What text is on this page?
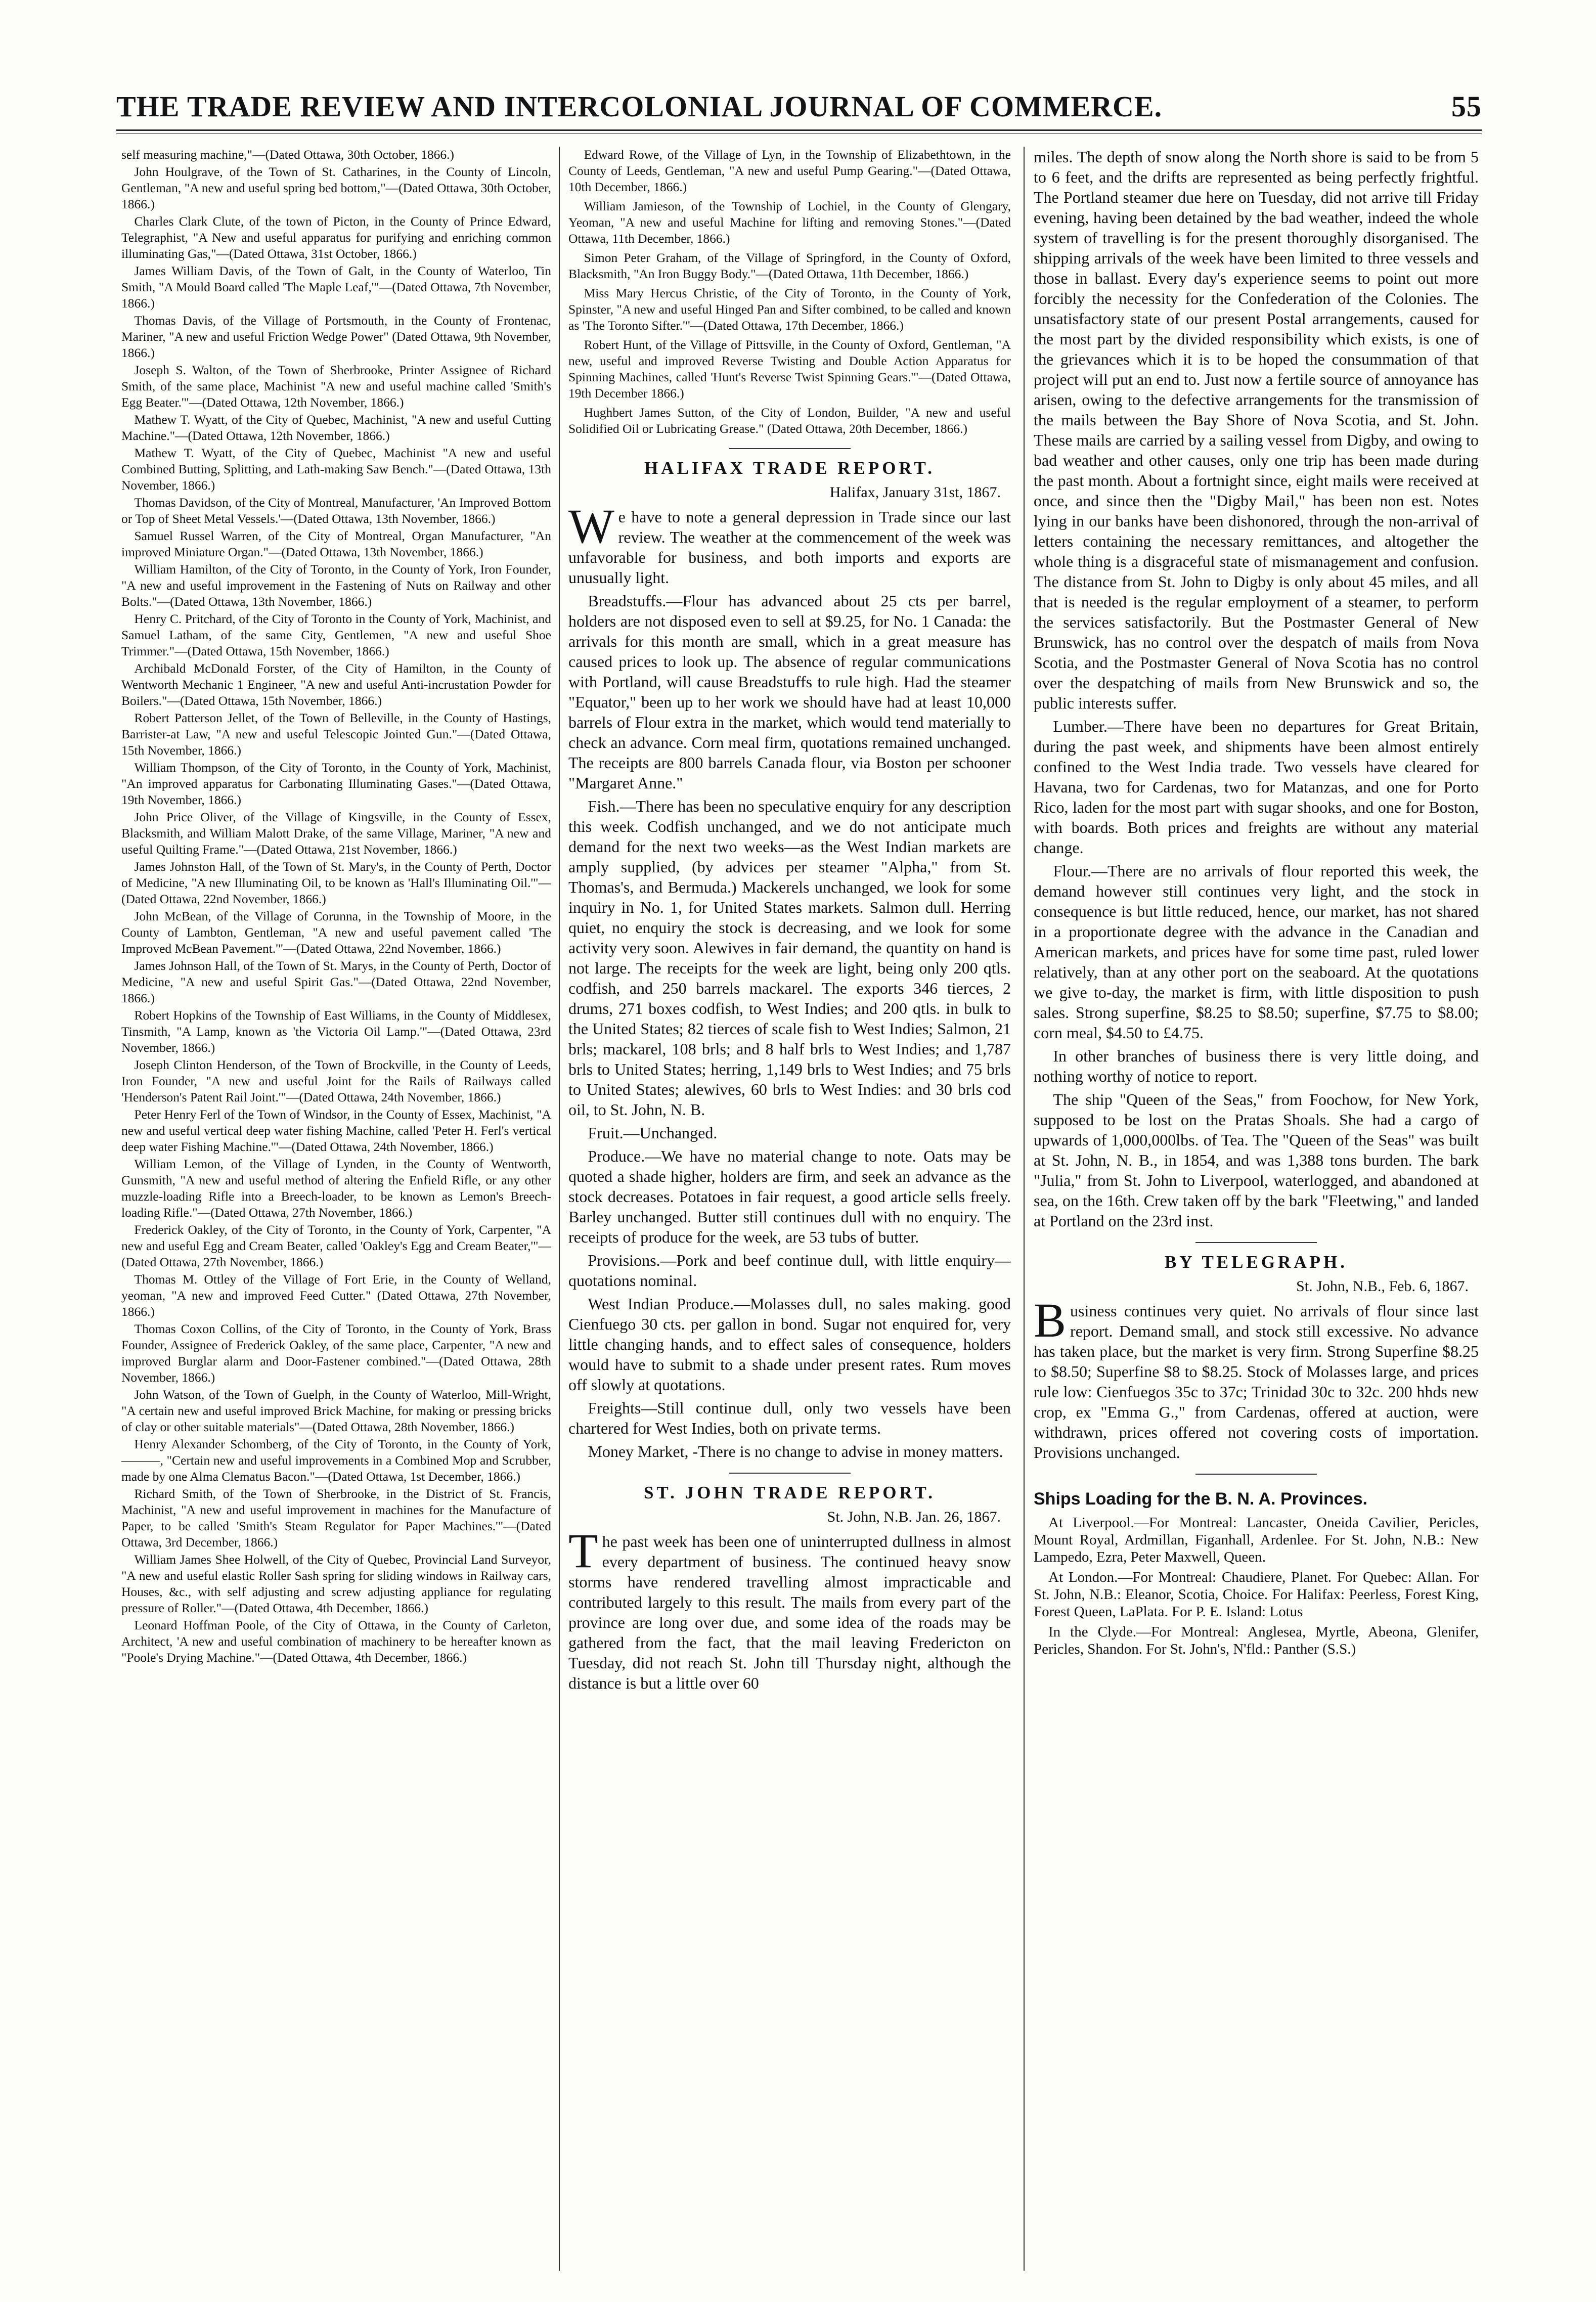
THE TRADE REVIEW AND INTERCOLONIAL JOURNAL OF COMMERCE.	55

self measuring machine,"—(Dated Ottawa, 30th October, 1866.)

John Houlgrave, of the Town of St. Catharines, in the County of Lincoln, Gentleman, "A new and useful spring bed bottom,"—(Dated Ottawa, 30th October, 1866.)

Charles Clark Clute, of the town of Picton, in the County of Prince Edward, Telegraphist, "A New and useful apparatus for purifying and enriching common illuminating Gas,"—(Dated Ottawa, 31st October, 1866.)

James William Davis, of the Town of Galt, in the County of Waterloo, Tin Smith, "A Mould Board called 'The Maple Leaf,'"—(Dated Ottawa, 7th November, 1866.)

Thomas Davis, of the Village of Portsmouth, in the County of Frontenac, Mariner, "A new and useful Friction Wedge Power" (Dated Ottawa, 9th November, 1866.)

Joseph S. Walton, of the Town of Sherbrooke, Printer Assignee of Richard Smith, of the same place, Machinist "A new and useful machine called 'Smith's Egg Beater.'"—(Dated Ottawa, 12th November, 1866.)

Mathew T. Wyatt, of the City of Quebec, Machinist, "A new and useful Cutting Machine."—(Dated Ottawa, 12th November, 1866.)

Mathew T. Wyatt, of the City of Quebec, Machinist "A new and useful Combined Butting, Splitting, and Lath-making Saw Bench."—(Dated Ottawa, 13th November, 1866.)

Thomas Davidson, of the City of Montreal, Manufacturer, 'An Improved Bottom or Top of Sheet Metal Vessels.'—(Dated Ottawa, 13th November, 1866.)

Samuel Russel Warren, of the City of Montreal, Organ Manufacturer, "An improved Miniature Organ."—(Dated Ottawa, 13th November, 1866.)

William Hamilton, of the City of Toronto, in the County of York, Iron Founder, "A new and useful improvement in the Fastening of Nuts on Railway and other Bolts."—(Dated Ottawa, 13th November, 1866.)

Henry C. Pritchard, of the City of Toronto in the County of York, Machinist, and Samuel Latham, of the same City, Gentlemen, "A new and useful Shoe Trimmer."—(Dated Ottawa, 15th November, 1866.)

Archibald McDonald Forster, of the City of Hamilton, in the County of Wentworth Mechanic 1 Engineer, "A new and useful Anti-incrustation Powder for Boilers."—(Dated Ottawa, 15th November, 1866.)

Robert Patterson Jellet, of the Town of Belleville, in the County of Hastings, Barrister-at Law, "A new and useful Telescopic Jointed Gun."—(Dated Ottawa, 15th November, 1866.)

William Thompson, of the City of Toronto, in the County of York, Machinist, "An improved apparatus for Carbonating Illuminating Gases."—(Dated Ottawa, 19th November, 1866.)

John Price Oliver, of the Village of Kingsville, in the County of Essex, Blacksmith, and William Malott Drake, of the same Village, Mariner, "A new and useful Quilting Frame."—(Dated Ottawa, 21st November, 1866.)

James Johnston Hall, of the Town of St. Mary's, in the County of Perth, Doctor of Medicine, "A new Illuminating Oil, to be known as 'Hall's Illuminating Oil.'"—(Dated Ottawa, 22nd November, 1866.)

John McBean, of the Village of Corunna, in the Township of Moore, in the County of Lambton, Gentleman, "A new and useful pavement called 'The Improved McBean Pavement.'"—(Dated Ottawa, 22nd November, 1866.)

James Johnson Hall, of the Town of St. Marys, in the County of Perth, Doctor of Medicine, "A new and useful Spirit Gas."—(Dated Ottawa, 22nd November, 1866.)

Robert Hopkins of the Township of East Williams, in the County of Middlesex, Tinsmith, "A Lamp, known as 'the Victoria Oil Lamp.'"—(Dated Ottawa, 23rd November, 1866.)

Joseph Clinton Henderson, of the Town of Brockville, in the County of Leeds, Iron Founder, "A new and useful Joint for the Rails of Railways called 'Henderson's Patent Rail Joint.'"—(Dated Ottawa, 24th November, 1866.)

Peter Henry Ferl of the Town of Windsor, in the County of Essex, Machinist, "A new and useful vertical deep water fishing Machine, called 'Peter H. Ferl's vertical deep water Fishing Machine.'"—(Dated Ottawa, 24th November, 1866.)

William Lemon, of the Village of Lynden, in the County of Wentworth, Gunsmith, "A new and useful method of altering the Enfield Rifle, or any other muzzle-loading Rifle into a Breech-loader, to be known as Lemon's Breech-loading Rifle."—(Dated Ottawa, 27th November, 1866.)

Frederick Oakley, of the City of Toronto, in the County of York, Carpenter, "A new and useful Egg and Cream Beater, called 'Oakley's Egg and Cream Beater,'"—(Dated Ottawa, 27th November, 1866.)

Thomas M. Ottley of the Village of Fort Erie, in the County of Welland, yeoman, "A new and improved Feed Cutter." (Dated Ottawa, 27th November, 1866.)

Thomas Coxon Collins, of the City of Toronto, in the County of York, Brass Founder, Assignee of Frederick Oakley, of the same place, Carpenter, "A new and improved Burglar alarm and Door-Fastener combined."—(Dated Ottawa, 28th November, 1866.)

John Watson, of the Town of Guelph, in the County of Waterloo, Mill-Wright, "A certain new and useful improved Brick Machine, for making or pressing bricks of clay or other suitable materials"—(Dated Ottawa, 28th November, 1866.)

Henry Alexander Schomberg, of the City of Toronto, in the County of York, ———, "Certain new and useful improvements in a Combined Mop and Scrubber, made by one Alma Clematus Bacon."—(Dated Ottawa, 1st December, 1866.)

Richard Smith, of the Town of Sherbrooke, in the District of St. Francis, Machinist, "A new and useful improvement in machines for the Manufacture of Paper, to be called 'Smith's Steam Regulator for Paper Machines.'"—(Dated Ottawa, 3rd December, 1866.)

William James Shee Holwell, of the City of Quebec, Provincial Land Surveyor, "A new and useful elastic Roller Sash spring for sliding windows in Railway cars, Houses, &c., with self adjusting and screw adjusting appliance for regulating pressure of Roller."—(Dated Ottawa, 4th December, 1866.)

Leonard Hoffman Poole, of the City of Ottawa, in the County of Carleton, Architect, 'A new and useful combination of machinery to be hereafter known as "Poole's Drying Machine."—(Dated Ottawa, 4th December, 1866.)

Edward Rowe, of the Village of Lyn, in the Township of Elizabethtown, in the County of Leeds, Gentleman, "A new and useful Pump Gearing."—(Dated Ottawa, 10th December, 1866.)

William Jamieson, of the Township of Lochiel, in the County of Glengary, Yeoman, "A new and useful Machine for lifting and removing Stones."—(Dated Ottawa, 11th December, 1866.)

Simon Peter Graham, of the Village of Springford, in the County of Oxford, Blacksmith, "An Iron Buggy Body."—(Dated Ottawa, 11th December, 1866.)

Miss Mary Hercus Christie, of the City of Toronto, in the County of York, Spinster, "A new and useful Hinged Pan and Sifter combined, to be called and known as 'The Toronto Sifter.'"—(Dated Ottawa, 17th December, 1866.)

Robert Hunt, of the Village of Pittsville, in the County of Oxford, Gentleman, "A new, useful and improved Reverse Twisting and Double Action Apparatus for Spinning Machines, called 'Hunt's Reverse Twist Spinning Gears.'"—(Dated Ottawa, 19th December 1866.)

Hughbert James Sutton, of the City of London, Builder, "A new and useful Solidified Oil or Lubricating Grease." (Dated Ottawa, 20th December, 1866.)

HALIFAX TRADE REPORT.
Halifax, January 31st, 1867.

We have to note a general depression in Trade since our last review. The weather at the commencement of the week was unfavorable for business, and both imports and exports are unusually light.

Breadstuffs.—Flour has advanced about 25 cts per barrel, holders are not disposed even to sell at $9.25, for No. 1 Canada: the arrivals for this month are small, which in a great measure has caused prices to look up. The absence of regular communications with Portland, will cause Breadstuffs to rule high. Had the steamer "Equator," been up to her work we should have had at least 10,000 barrels of Flour extra in the market, which would tend materially to check an advance. Corn meal firm, quotations remained unchanged. The receipts are 800 barrels Canada flour, via Boston per schooner "Margaret Anne."

Fish.—There has been no speculative enquiry for any description this week. Codfish unchanged, and we do not anticipate much demand for the next two weeks—as the West Indian markets are amply supplied, (by advices per steamer "Alpha," from St. Thomas's, and Bermuda.) Mackerels unchanged, we look for some inquiry in No. 1, for United States markets. Salmon dull. Herring quiet, no enquiry the stock is decreasing, and we look for some activity very soon. Alewives in fair demand, the quantity on hand is not large. The receipts for the week are light, being only 200 qtls. codfish, and 250 barrels mackarel. The exports 346 tierces, 2 drums, 271 boxes codfish, to West Indies; and 200 qtls. in bulk to the United States; 82 tierces of scale fish to West Indies; Salmon, 21 brls; mackarel, 108 brls; and 8 half brls to West Indies; and 1,787 brls to United States; herring, 1,149 brls to West Indies; and 75 brls to United States; alewives, 60 brls to West Indies: and 30 brls cod oil, to St. John, N. B.

Fruit.—Unchanged.

Produce.—We have no material change to note. Oats may be quoted a shade higher, holders are firm, and seek an advance as the stock decreases. Potatoes in fair request, a good article sells freely. Barley unchanged. Butter still continues dull with no enquiry. The receipts of produce for the week, are 53 tubs of butter.

Provisions.—Pork and beef continue dull, with little enquiry—quotations nominal.

West Indian Produce.—Molasses dull, no sales making. good Cienfuego 30 cts. per gallon in bond. Sugar not enquired for, very little changing hands, and to effect sales of consequence, holders would have to submit to a shade under present rates. Rum moves off slowly at quotations.

Freights—Still continue dull, only two vessels have been chartered for West Indies, both on private terms.

Money Market, -There is no change to advise in money matters.

ST. JOHN TRADE REPORT.
St. John, N.B. Jan. 26, 1867.

The past week has been one of uninterrupted dullness in almost every department of business. The continued heavy snow storms have rendered travelling almost impracticable and contributed largely to this result. The mails from every part of the province are long over due, and some idea of the roads may be gathered from the fact, that the mail leaving Fredericton on Tuesday, did not reach St. John till Thursday night, although the distance is but a little over 60

miles. The depth of snow along the North shore is said to be from 5 to 6 feet, and the drifts are represented as being perfectly frightful. The Portland steamer due here on Tuesday, did not arrive till Friday evening, having been detained by the bad weather, indeed the whole system of travelling is for the present thoroughly disorganised. The shipping arrivals of the week have been limited to three vessels and those in ballast. Every day's experience seems to point out more forcibly the necessity for the Confederation of the Colonies. The unsatisfactory state of our present Postal arrangements, caused for the most part by the divided responsibility which exists, is one of the grievances which it is to be hoped the consummation of that project will put an end to. Just now a fertile source of annoyance has arisen, owing to the defective arrangements for the transmission of the mails between the Bay Shore of Nova Scotia, and St. John. These mails are carried by a sailing vessel from Digby, and owing to bad weather and other causes, only one trip has been made during the past month. About a fortnight since, eight mails were received at once, and since then the "Digby Mail," has been non est. Notes lying in our banks have been dishonored, through the non-arrival of letters containing the necessary remittances, and altogether the whole thing is a disgraceful state of mismanagement and confusion. The distance from St. John to Digby is only about 45 miles, and all that is needed is the regular employment of a steamer, to perform the services satisfactorily. But the Postmaster General of New Brunswick, has no control over the despatch of mails from Nova Scotia, and the Postmaster General of Nova Scotia has no control over the despatching of mails from New Brunswick and so, the public interests suffer.

Lumber.—There have been no departures for Great Britain, during the past week, and shipments have been almost entirely confined to the West India trade. Two vessels have cleared for Havana, two for Cardenas, two for Matanzas, and one for Porto Rico, laden for the most part with sugar shooks, and one for Boston, with boards. Both prices and freights are without any material change.

Flour.—There are no arrivals of flour reported this week, the demand however still continues very light, and the stock in consequence is but little reduced, hence, our market, has not shared in a proportionate degree with the advance in the Canadian and American markets, and prices have for some time past, ruled lower relatively, than at any other port on the seaboard. At the quotations we give to-day, the market is firm, with little disposition to push sales. Strong superfine, $8.25 to $8.50; superfine, $7.75 to $8.00; corn meal, $4.50 to £4.75.

In other branches of business there is very little doing, and nothing worthy of notice to report.

The ship "Queen of the Seas," from Foochow, for New York, supposed to be lost on the Pratas Shoals. She had a cargo of upwards of 1,000,000lbs. of Tea. The "Queen of the Seas" was built at St. John, N. B., in 1854, and was 1,388 tons burden. The bark "Julia," from St. John to Liverpool, waterlogged, and abandoned at sea, on the 16th. Crew taken off by the bark "Fleetwing," and landed at Portland on the 23rd inst.

BY TELEGRAPH.
St. John, N.B., Feb. 6, 1867.

Business continues very quiet. No arrivals of flour since last report. Demand small, and stock still excessive. No advance has taken place, but the market is very firm. Strong Superfine $8.25 to $8.50; Superfine $8 to $8.25. Stock of Molasses large, and prices rule low: Cienfuegos 35c to 37c; Trinidad 30c to 32c. 200 hhds new crop, ex "Emma G.," from Cardenas, offered at auction, were withdrawn, prices offered not covering costs of importation. Provisions unchanged.

Ships Loading for the B. N. A. Provinces.

At Liverpool.—For Montreal: Lancaster, Oneida Cavilier, Pericles, Mount Royal, Ardmillan, Figanhall, Ardenlee. For St. John, N.B.: New Lampedo, Ezra, Peter Maxwell, Queen.

At London.—For Montreal: Chaudiere, Planet. For Quebec: Allan. For St. John, N.B.: Eleanor, Scotia, Choice. For Halifax: Peerless, Forest King, Forest Queen, LaPlata. For P. E. Island: Lotus

In the Clyde.—For Montreal: Anglesea, Myrtle, Abeona, Glenifer, Pericles, Shandon. For St. John's, N'fld.: Panther (S.S.)
